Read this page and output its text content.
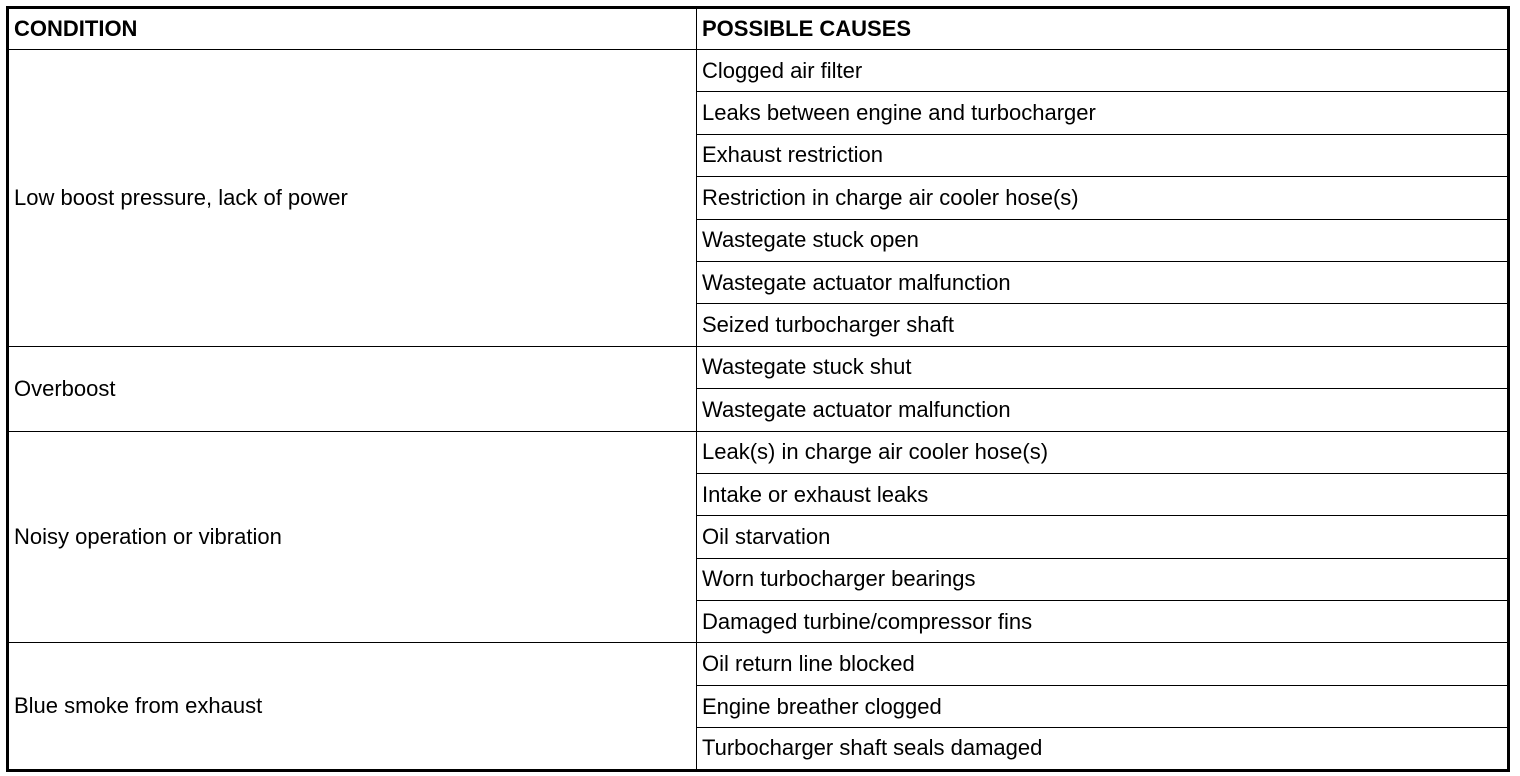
CONDITION	POSSIBLE CAUSES
Low boost pressure, lack of power	Clogged air filter
	Leaks between engine and turbocharger
	Exhaust restriction
	Restriction in charge air cooler hose(s)
	Wastegate stuck open
	Wastegate actuator malfunction
	Seized turbocharger shaft
Overboost	Wastegate stuck shut
	Wastegate actuator malfunction
Noisy operation or vibration	Leak(s) in charge air cooler hose(s)
	Intake or exhaust leaks
	Oil starvation
	Worn turbocharger bearings
	Damaged turbine/compressor fins
Blue smoke from exhaust	Oil return line blocked
	Engine breather clogged
	Turbocharger shaft seals damaged
